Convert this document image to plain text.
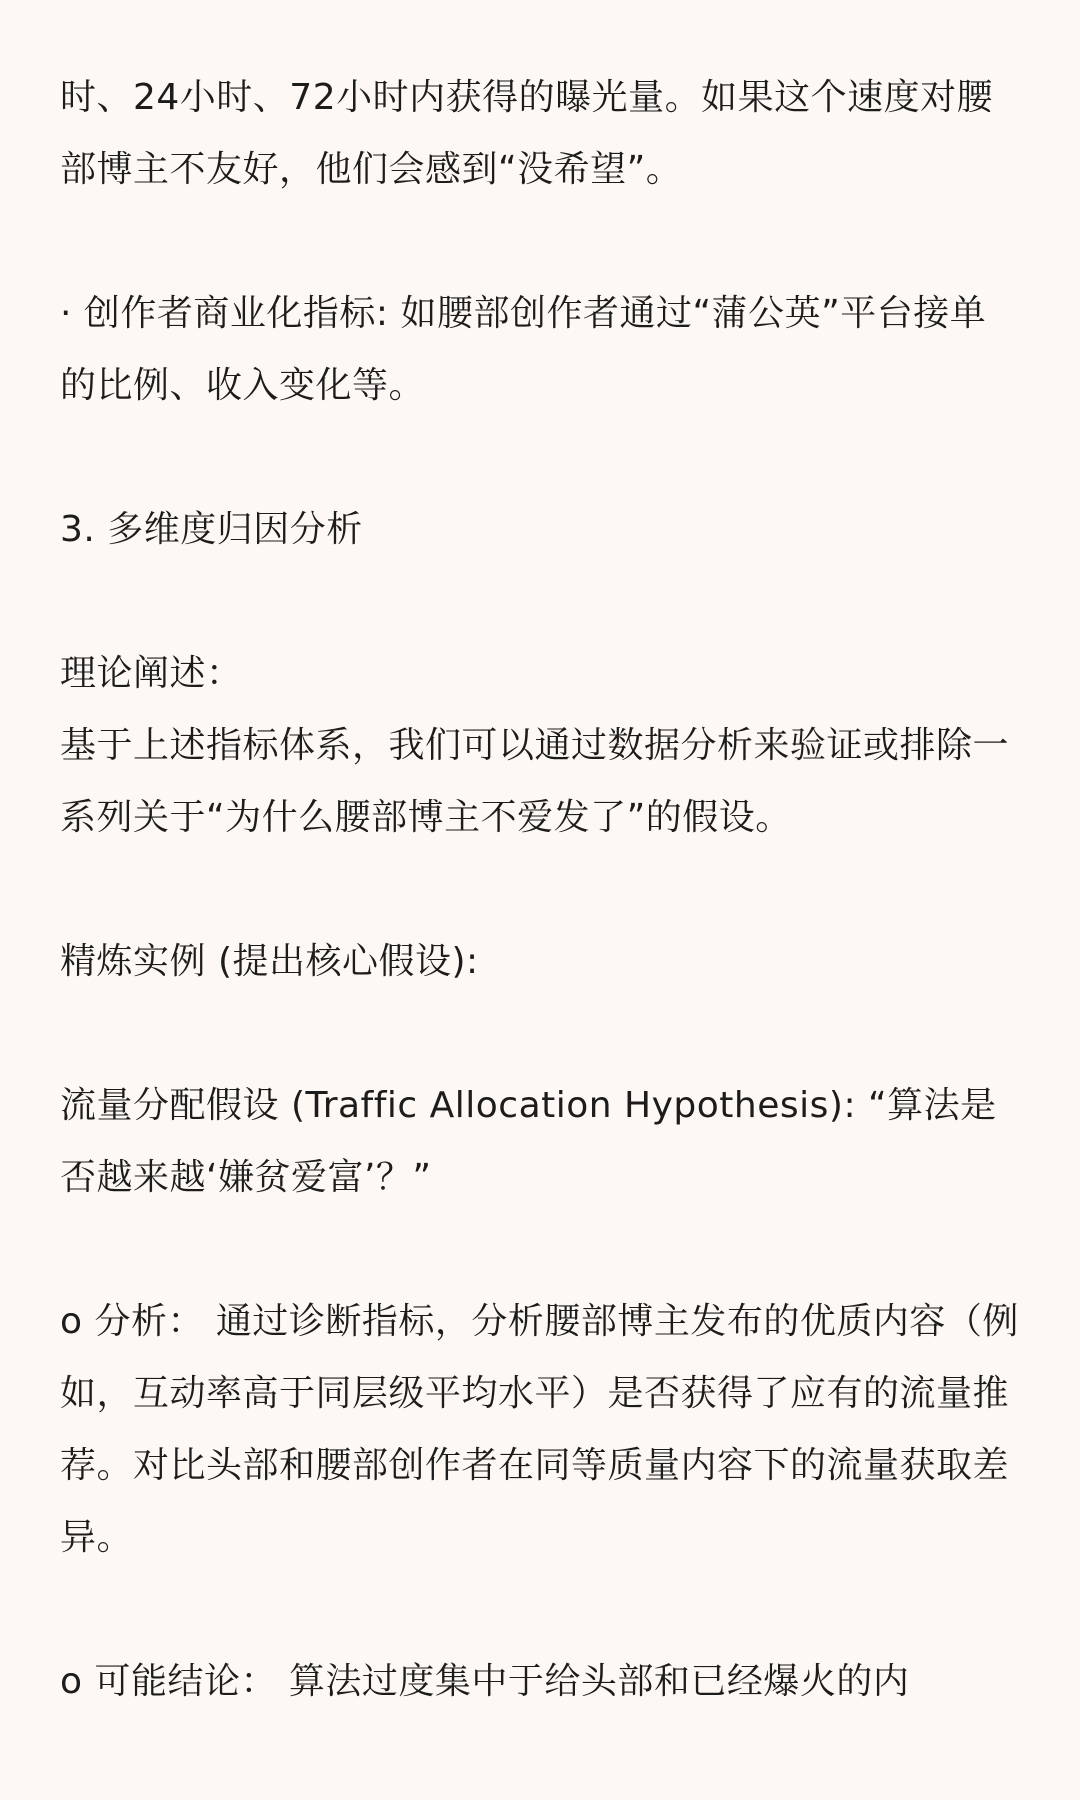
时、24小时、72小时内获得的曝光量。如果这个速度对腰部博主不友好，他们会感到“没希望”。

· 创作者商业化指标: 如腰部创作者通过“蒲公英”平台接单的比例、收入变化等。

3. 多维度归因分析

理论阐述：

基于上述指标体系，我们可以通过数据分析来验证或排除一系列关于“为什么腰部博主不爱发了”的假设。

精炼实例 (提出核心假设):

流量分配假设 (Traffic Allocation Hypothesis): “算法是否越来越‘嫌贫爱富’？”

o 分析： 通过诊断指标，分析腰部博主发布的优质内容（例如，互动率高于同层级平均水平）是否获得了应有的流量推荐。对比头部和腰部创作者在同等质量内容下的流量获取差异。

o 可能结论： 算法过度集中于给头部和已经爆火的内
